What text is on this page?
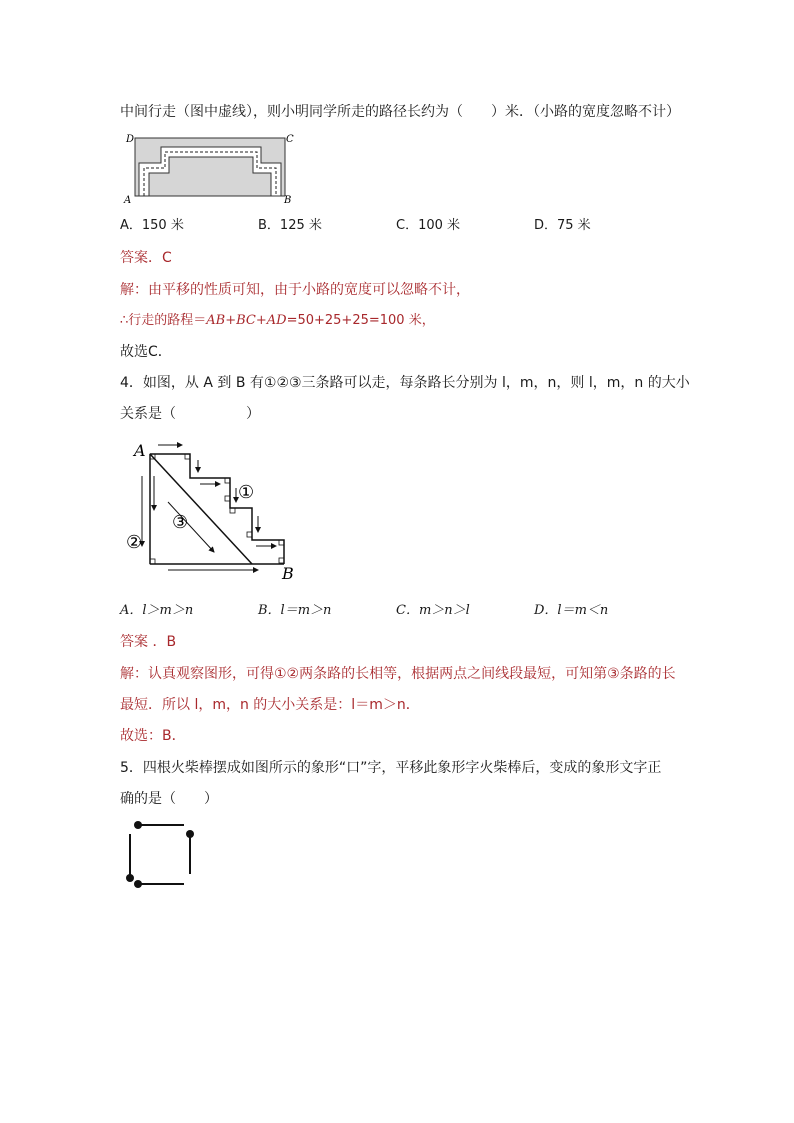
中间行走（图中虚线），则小明同学所走的路径长约为（　　）米．（小路的宽度忽略不计）
D	C
A	B
A．150 米	B．125 米	C．100 米	D．75 米
答案．C
解：由平移的性质可知，由于小路的宽度可以忽略不计，
∴行走的路程＝AB+BC+AD=50+25+25=100 米，
故选C．
4．如图，从 A 到 B 有①②③三条路可以走，每条路长分别为 l，m，n，则 l，m，n 的大小
关系是（　　　　　）
A
B
①
②
③
A．l＞m＞n	B．l＝m＞n	C．m＞n＞l	D．l＝m＜n
答案 ．B
解：认真观察图形，可得①②两条路的长相等，根据两点之间线段最短，可知第③条路的长
最短．所以 l，m，n 的大小关系是：l＝m＞n．
故选：B．
5．四根火柴棒摆成如图所示的象形“口”字，平移此象形字火柴棒后，变成的象形文字正
确的是（　　）
